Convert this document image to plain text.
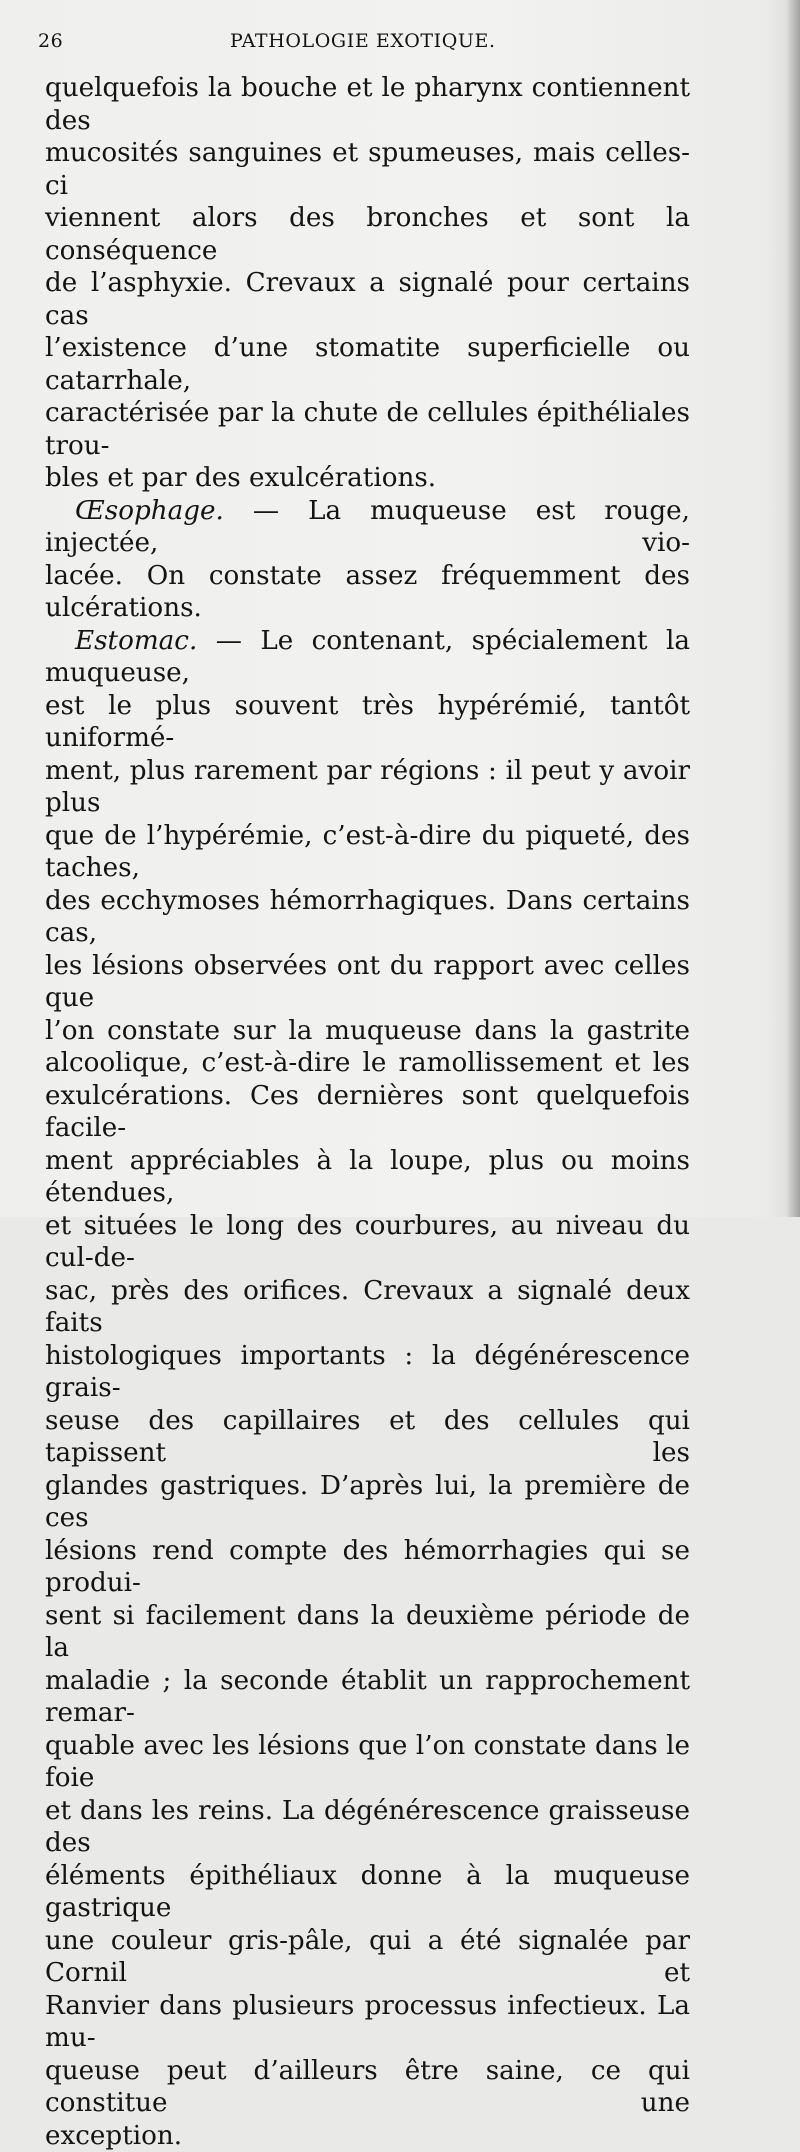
26	PATHOLOGIE EXOTIQUE.

quelquefois la bouche et le pharynx contiennent des

mucosités sanguines et spumeuses, mais celles-ci

viennent alors des bronches et sont la conséquence

de l’asphyxie. Crevaux a signalé pour certains cas

l’existence d’une stomatite superficielle ou catarrhale,

caractérisée par la chute de cellules épithéliales trou-

bles et par des exulcérations.

Œsophage. — La muqueuse est rouge, injectée, vio-

lacée. On constate assez fréquemment des ulcérations.

Estomac. — Le contenant, spécialement la muqueuse,

est le plus souvent très hypérémié, tantôt uniformé-

ment, plus rarement par régions : il peut y avoir plus

que de l’hypérémie, c’est-à-dire du piqueté, des taches,

des ecchymoses hémorrhagiques. Dans certains cas,

les lésions observées ont du rapport avec celles que

l’on constate sur la muqueuse dans la gastrite

alcoolique, c’est-à-dire le ramollissement et les

exulcérations. Ces dernières sont quelquefois facile-

ment appréciables à la loupe, plus ou moins étendues,

et situées le long des courbures, au niveau du cul-de-

sac, près des orifices. Crevaux a signalé deux faits

histologiques importants : la dégénérescence grais-

seuse des capillaires et des cellules qui tapissent les

glandes gastriques. D’après lui, la première de ces

lésions rend compte des hémorrhagies qui se produi-

sent si facilement dans la deuxième période de la

maladie ; la seconde établit un rapprochement remar-

quable avec les lésions que l’on constate dans le foie

et dans les reins. La dégénérescence graisseuse des

éléments épithéliaux donne à la muqueuse gastrique

une couleur gris-pâle, qui a été signalée par Cornil et

Ranvier dans plusieurs processus infectieux. La mu-

queuse peut d’ailleurs être saine, ce qui constitue une

exception.
